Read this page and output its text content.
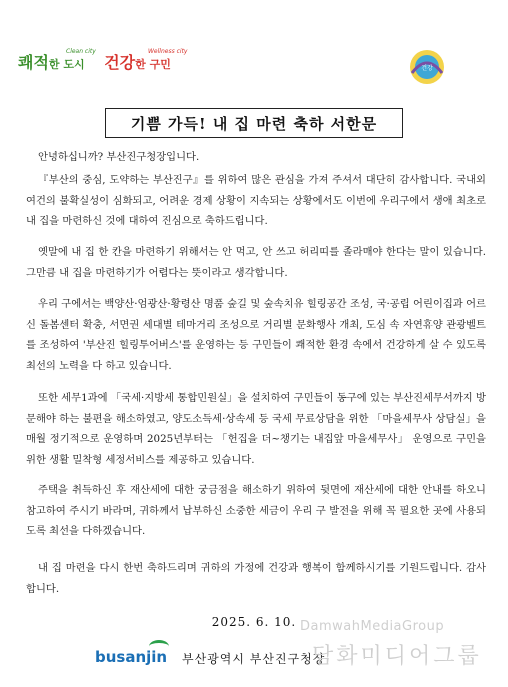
Clean city	Wellness city
쾌적한 도시 건강한 구민	건강
기쁨 가득! 내 집 마련 축하 서한문
안녕하십니까? 부산진구청장입니다.
『부산의 중심, 도약하는 부산진구』를 위하여 많은 관심을 가져 주셔서 대단히 감사합니다. 국내외 여건의 불확실성이 심화되고, 어려운 경제 상황이 지속되는 상황에서도 이번에 우리구에서 생애 최초로 내 집을 마련하신 것에 대하여 진심으로 축하드립니다.
옛말에 내 집 한 칸을 마련하기 위해서는 안 먹고, 안 쓰고 허리띠를 졸라매야 한다는 말이 있습니다. 그만큼 내 집을 마련하기가 어렵다는 뜻이라고 생각합니다.
우리 구에서는 백양산·엄광산·황령산 명품 숲길 및 숲속치유 힐링공간 조성, 국·공립 어린이집과 어르신 돌봄센터 확충, 서면권 세대별 테마거리 조성으로 거리별 문화행사 개최, 도심 속 자연휴양 관광벨트를 조성하여 '부산진 힐링투어버스'를 운영하는 등 구민들이 쾌적한 환경 속에서 건강하게 살 수 있도록 최선의 노력을 다 하고 있습니다.
또한 세무1과에 「국세·지방세 통합민원실」을 설치하여 구민들이 동구에 있는 부산진세무서까지 방문해야 하는 불편을 해소하였고, 양도소득세·상속세 등 국세 무료상담을 위한 「마을세무사 상담실」을 매월 정기적으로 운영하며 2025년부터는 「헌집을 더~챙기는 내집앞 마을세무사」 운영으로 구민을 위한 생활 밀착형 세정서비스를 제공하고 있습니다.
주택을 취득하신 후 재산세에 대한 궁금점을 해소하기 위하여 뒷면에 재산세에 대한 안내를 하오니 참고하여 주시기 바라며, 귀하께서 납부하신 소중한 세금이 우리 구 발전을 위해 꼭 필요한 곳에 사용되도록 최선을 다하겠습니다.
내 집 마련을 다시 한번 축하드리며 귀하의 가정에 건강과 행복이 함께하시기를 기원드립니다. 감사합니다.
2025. 6. 10.
busanjin 부산광역시 부산진구청장
DamwahMediaGroup
담화미디어그룹
